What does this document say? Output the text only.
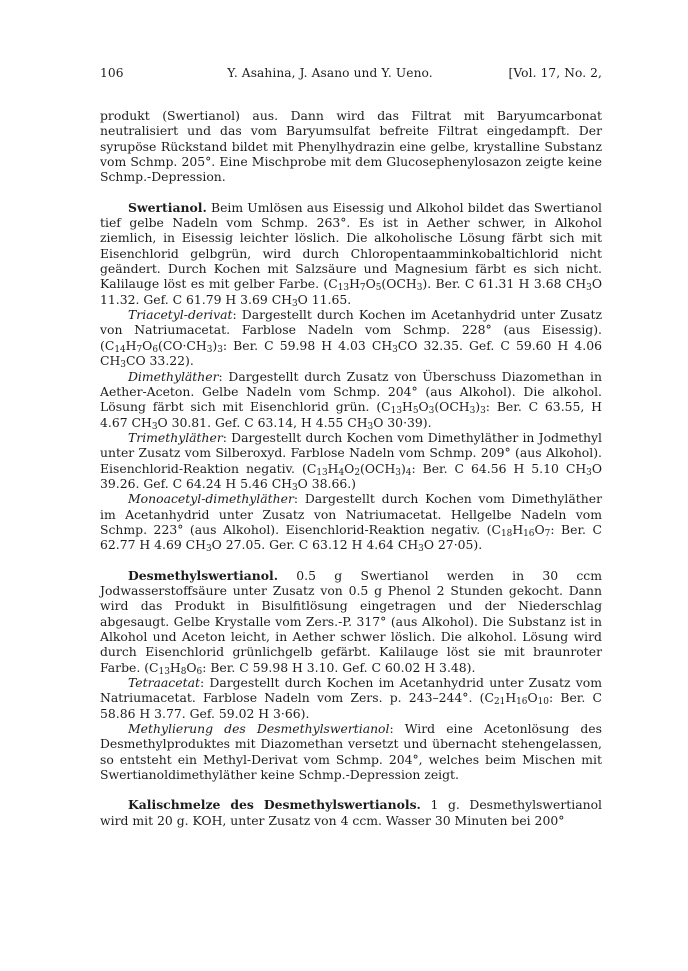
106	Y. Asahina, J. Asano und Y. Ueno.	[Vol. 17, No. 2,

produkt (Swertianol) aus. Dann wird das Filtrat mit Baryumcarbonat neutralisiert und das vom Baryumsulfat befreite Filtrat eingedampft. Der syrupöse Rückstand bildet mit Phenylhydrazin eine gelbe, krystalline Substanz vom Schmp. 205°. Eine Mischprobe mit dem Glucosephenylosazon zeigte keine Schmp.-Depression.

Swertianol. Beim Umlösen aus Eisessig und Alkohol bildet das Swertianol tief gelbe Nadeln vom Schmp. 263°. Es ist in Aether schwer, in Alkohol ziemlich, in Eisessig leichter löslich. Die alkoholische Lösung färbt sich mit Eisenchlorid gelbgrün, wird durch Chloropentaamminkobaltichlorid nicht geändert. Durch Kochen mit Salzsäure und Magnesium färbt es sich nicht. Kalilauge löst es mit gelber Farbe. ($C_{13}H_7O_5(OCH_3)$. Ber. C 61.31 H 3.68 $CH_3O$ 11.32. Gef. C 61.79 H 3.69 $CH_3O$ 11.65.

Triacetyl-derivat: Dargestellt durch Kochen im Acetanhydrid unter Zusatz von Natriumacetat. Farblose Nadeln vom Schmp. 228° (aus Eisessig). ($C_{14}H_7O_6(CO\cdot CH_3)_3$: Ber. C 59.98 H 4.03 $CH_3CO$ 32.35. Gef. C 59.60 H 4.06 $CH_3CO$ 33.22).

Dimethyläther: Dargestellt durch Zusatz von Überschuss Diazomethan in Aether-Aceton. Gelbe Nadeln vom Schmp. 204° (aus Alkohol). Die alkohol. Lösung färbt sich mit Eisenchlorid grün. ($C_{13}H_5O_3(OCH_3)_3$: Ber. C 63.55, H 4.67 $CH_3O$ 30.81. Gef. C 63.14, H 4.55 $CH_3O$ 30·39).

Trimethyläther: Dargestellt durch Kochen vom Dimethyläther in Jodmethyl unter Zusatz vom Silberoxyd. Farblose Nadeln vom Schmp. 209° (aus Alkohol). Eisenchlorid-Reaktion negativ. ($C_{13}H_4O_2(OCH_3)_4$: Ber. C 64.56 H 5.10 $CH_3O$ 39.26. Gef. C 64.24 H 5.46 $CH_3O$ 38.66.)

Monoacetyl-dimethyläther: Dargestellt durch Kochen vom Dimethyläther im Acetanhydrid unter Zusatz von Natriumacetat. Hellgelbe Nadeln vom Schmp. 223° (aus Alkohol). Eisenchlorid-Reaktion negativ. ($C_{18}H_{16}O_7$: Ber. C 62.77 H 4.69 $CH_3O$ 27.05. Ger. C 63.12 H 4.64 $CH_3O$ 27·05).

Desmethylswertianol. 0.5 g Swertianol werden in 30 ccm Jodwasserstoffsäure unter Zusatz von 0.5 g Phenol 2 Stunden gekocht. Dann wird das Produkt in Bisulfitlösung eingetragen und der Niederschlag abgesaugt. Gelbe Krystalle vom Zers.-P. 317° (aus Alkohol). Die Substanz ist in Alkohol und Aceton leicht, in Aether schwer löslich. Die alkohol. Lösung wird durch Eisenchlorid grünlichgelb gefärbt. Kalilauge löst sie mit braunroter Farbe. ($C_{13}H_8O_6$: Ber. C 59.98 H 3.10. Gef. C 60.02 H 3.48).

Tetraacetat: Dargestellt durch Kochen im Acetanhydrid unter Zusatz vom Natriumacetat. Farblose Nadeln vom Zers. p. 243–244°. ($C_{21}H_{16}O_{10}$: Ber. C 58.86 H 3.77. Gef. 59.02 H 3·66).

Methylierung des Desmethylswertianol: Wird eine Acetonlösung des Desmethylproduktes mit Diazomethan versetzt und übernacht stehengelassen, so entsteht ein Methyl-Derivat vom Schmp. 204°, welches beim Mischen mit Swertianoldimethyläther keine Schmp.-Depression zeigt.

Kalischmelze des Desmethylswertianols. 1 g. Desmethylswertianol wird mit 20 g. KOH, unter Zusatz von 4 ccm. Wasser 30 Minuten bei 200°
